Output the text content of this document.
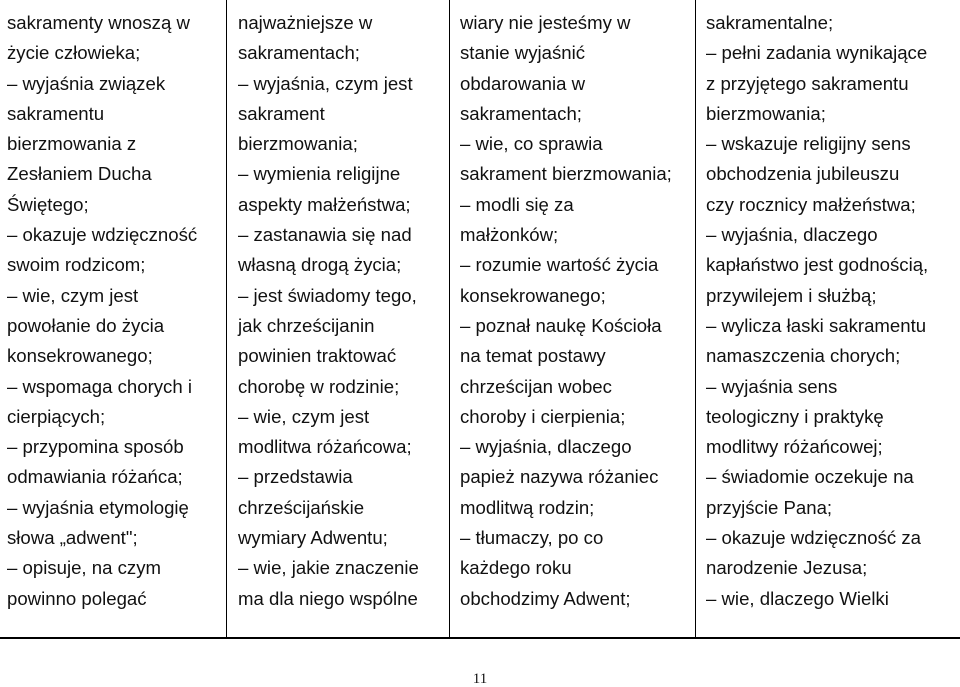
sakramenty wnoszą w
życie człowieka;
– wyjaśnia związek
sakramentu
bierzmowania z
Zesłaniem Ducha
Świętego;
– okazuje wdzięczność
swoim rodzicom;
– wie, czym jest
powołanie do życia
konsekrowanego;
– wspomaga chorych i
cierpiących;
– przypomina sposób
odmawiania różańca;
– wyjaśnia etymologię
słowa „adwent";
– opisuje, na czym
powinno polegać
najważniejsze w
sakramentach;
– wyjaśnia, czym jest
sakrament
bierzmowania;
– wymienia religijne
aspekty małżeństwa;
– zastanawia się nad
własną drogą życia;
– jest świadomy tego,
jak chrześcijanin
powinien traktować
chorobę w rodzinie;
– wie, czym jest
modlitwa różańcowa;
– przedstawia
chrześcijańskie
wymiary Adwentu;
– wie, jakie znaczenie
ma dla niego wspólne
wiary nie jesteśmy w
stanie wyjaśnić
obdarowania w
sakramentach;
– wie, co sprawia
sakrament bierzmowania;
– modli się za
małżonków;
– rozumie wartość życia
konsekrowanego;
– poznał naukę Kościoła
na temat postawy
chrześcijan wobec
choroby i cierpienia;
– wyjaśnia, dlaczego
papież nazywa różaniec
modlitwą rodzin;
– tłumaczy, po co
każdego roku
obchodzimy Adwent;
sakramentalne;
– pełni zadania wynikające
z przyjętego sakramentu
bierzmowania;
– wskazuje religijny sens
obchodzenia jubileuszu
czy rocznicy małżeństwa;
– wyjaśnia, dlaczego
kapłaństwo jest godnością,
przywilejem i służbą;
– wylicza łaski sakramentu
namaszczenia chorych;
– wyjaśnia sens
teologiczny i praktykę
modlitwy różańcowej;
– świadomie oczekuje na
przyjście Pana;
– okazuje wdzięczność za
narodzenie Jezusa;
– wie, dlaczego Wielki
11
